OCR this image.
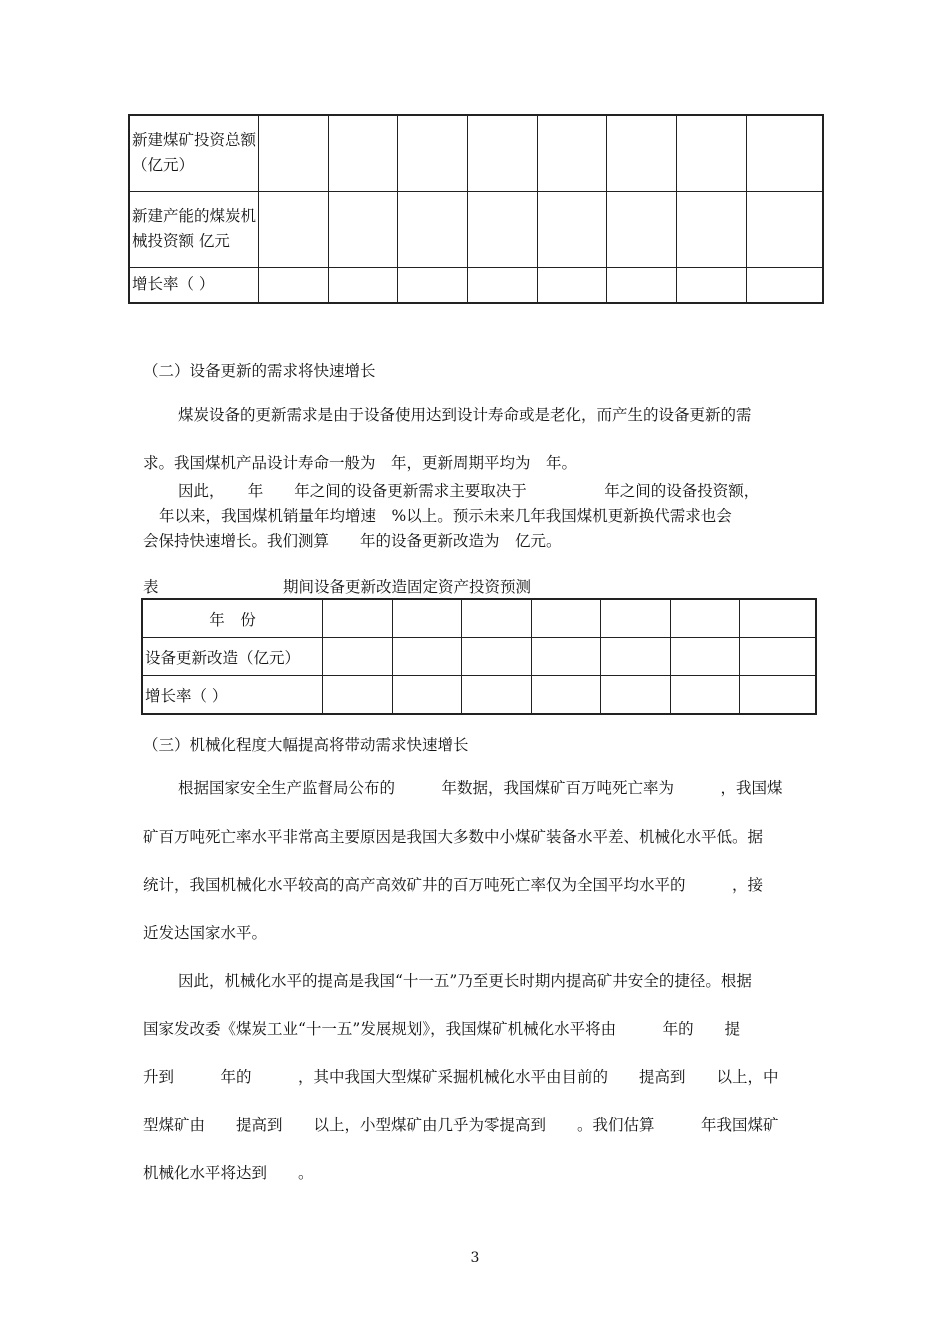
新建煤矿投资总额（亿元）								
新建产能的煤炭机械投资额 亿元								
增长率（ ）								
（二）设备更新的需求将快速增长
煤炭设备的更新需求是由于设备使用达到设计寿命或是老化，而产生的设备更新的需
求。我国煤机产品设计寿命一般为　年，更新周期平均为　年。
因此，　　年　　年之间的设备更新需求主要取决于　　　　　年之间的设备投资额，
年以来，我国煤机销量年均增速　%以上。预示未来几年我国煤机更新换代需求也会
会保持快速增长。我们测算　　年的设备更新改造为　亿元。
表	期间设备更新改造固定资产投资预测
年　份							
设备更新改造（亿元）							
增长率（ ）							
（三）机械化程度大幅提高将带动需求快速增长
根据国家安全生产监督局公布的　　　年数据，我国煤矿百万吨死亡率为　　　，我国煤
矿百万吨死亡率水平非常高主要原因是我国大多数中小煤矿装备水平差、机械化水平低。据
统计，我国机械化水平较高的高产高效矿井的百万吨死亡率仅为全国平均水平的　　　，接
近发达国家水平。
因此，机械化水平的提高是我国“十一五”乃至更长时期内提高矿井安全的捷径。根据
国家发改委《煤炭工业“十一五”发展规划》，我国煤矿机械化水平将由　　　年的　　提
升到　　　年的　　　，其中我国大型煤矿采掘机械化水平由目前的　　提高到　　以上，中
型煤矿由　　提高到　　以上，小型煤矿由几乎为零提高到　　。我们估算　　　年我国煤矿
机械化水平将达到　　。
3
